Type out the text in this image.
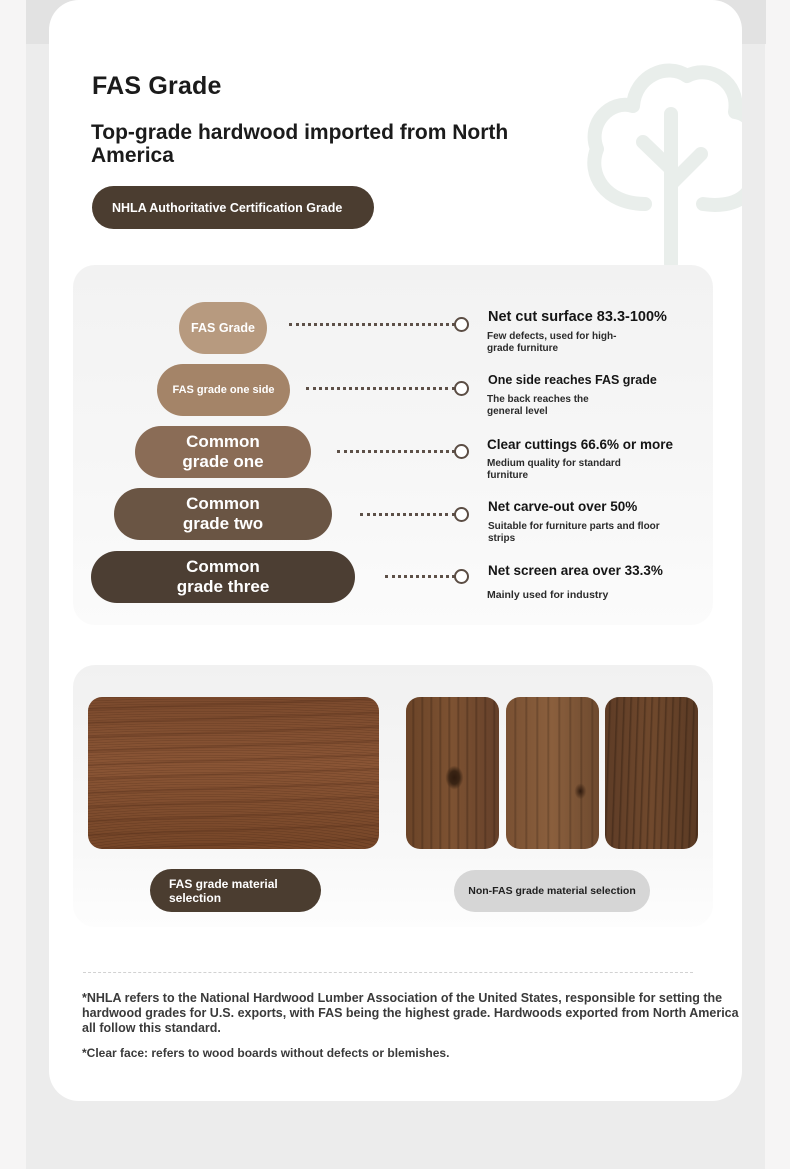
FAS Grade
Top-grade hardwood imported from North America
NHLA Authoritative Certification Grade
FAS Grade
Net cut surface 83.3-100%
Few defects, used for high-grade furniture
FAS grade one side
One side reaches FAS grade
The back reaches the general level
Common grade one
Clear cuttings 66.6% or more
Medium quality for standard furniture
Common grade two
Net carve-out over 50%
Suitable for furniture parts and floor strips
Common grade three
Net screen area over 33.3%
Mainly used for industry
FAS grade material selection	Non-FAS grade material selection
*NHLA refers to the National Hardwood Lumber Association of the United States, responsible for setting the hardwood grades for U.S. exports, with FAS being the highest grade. Hardwoods exported from North America all follow this standard.
*Clear face: refers to wood boards without defects or blemishes.
